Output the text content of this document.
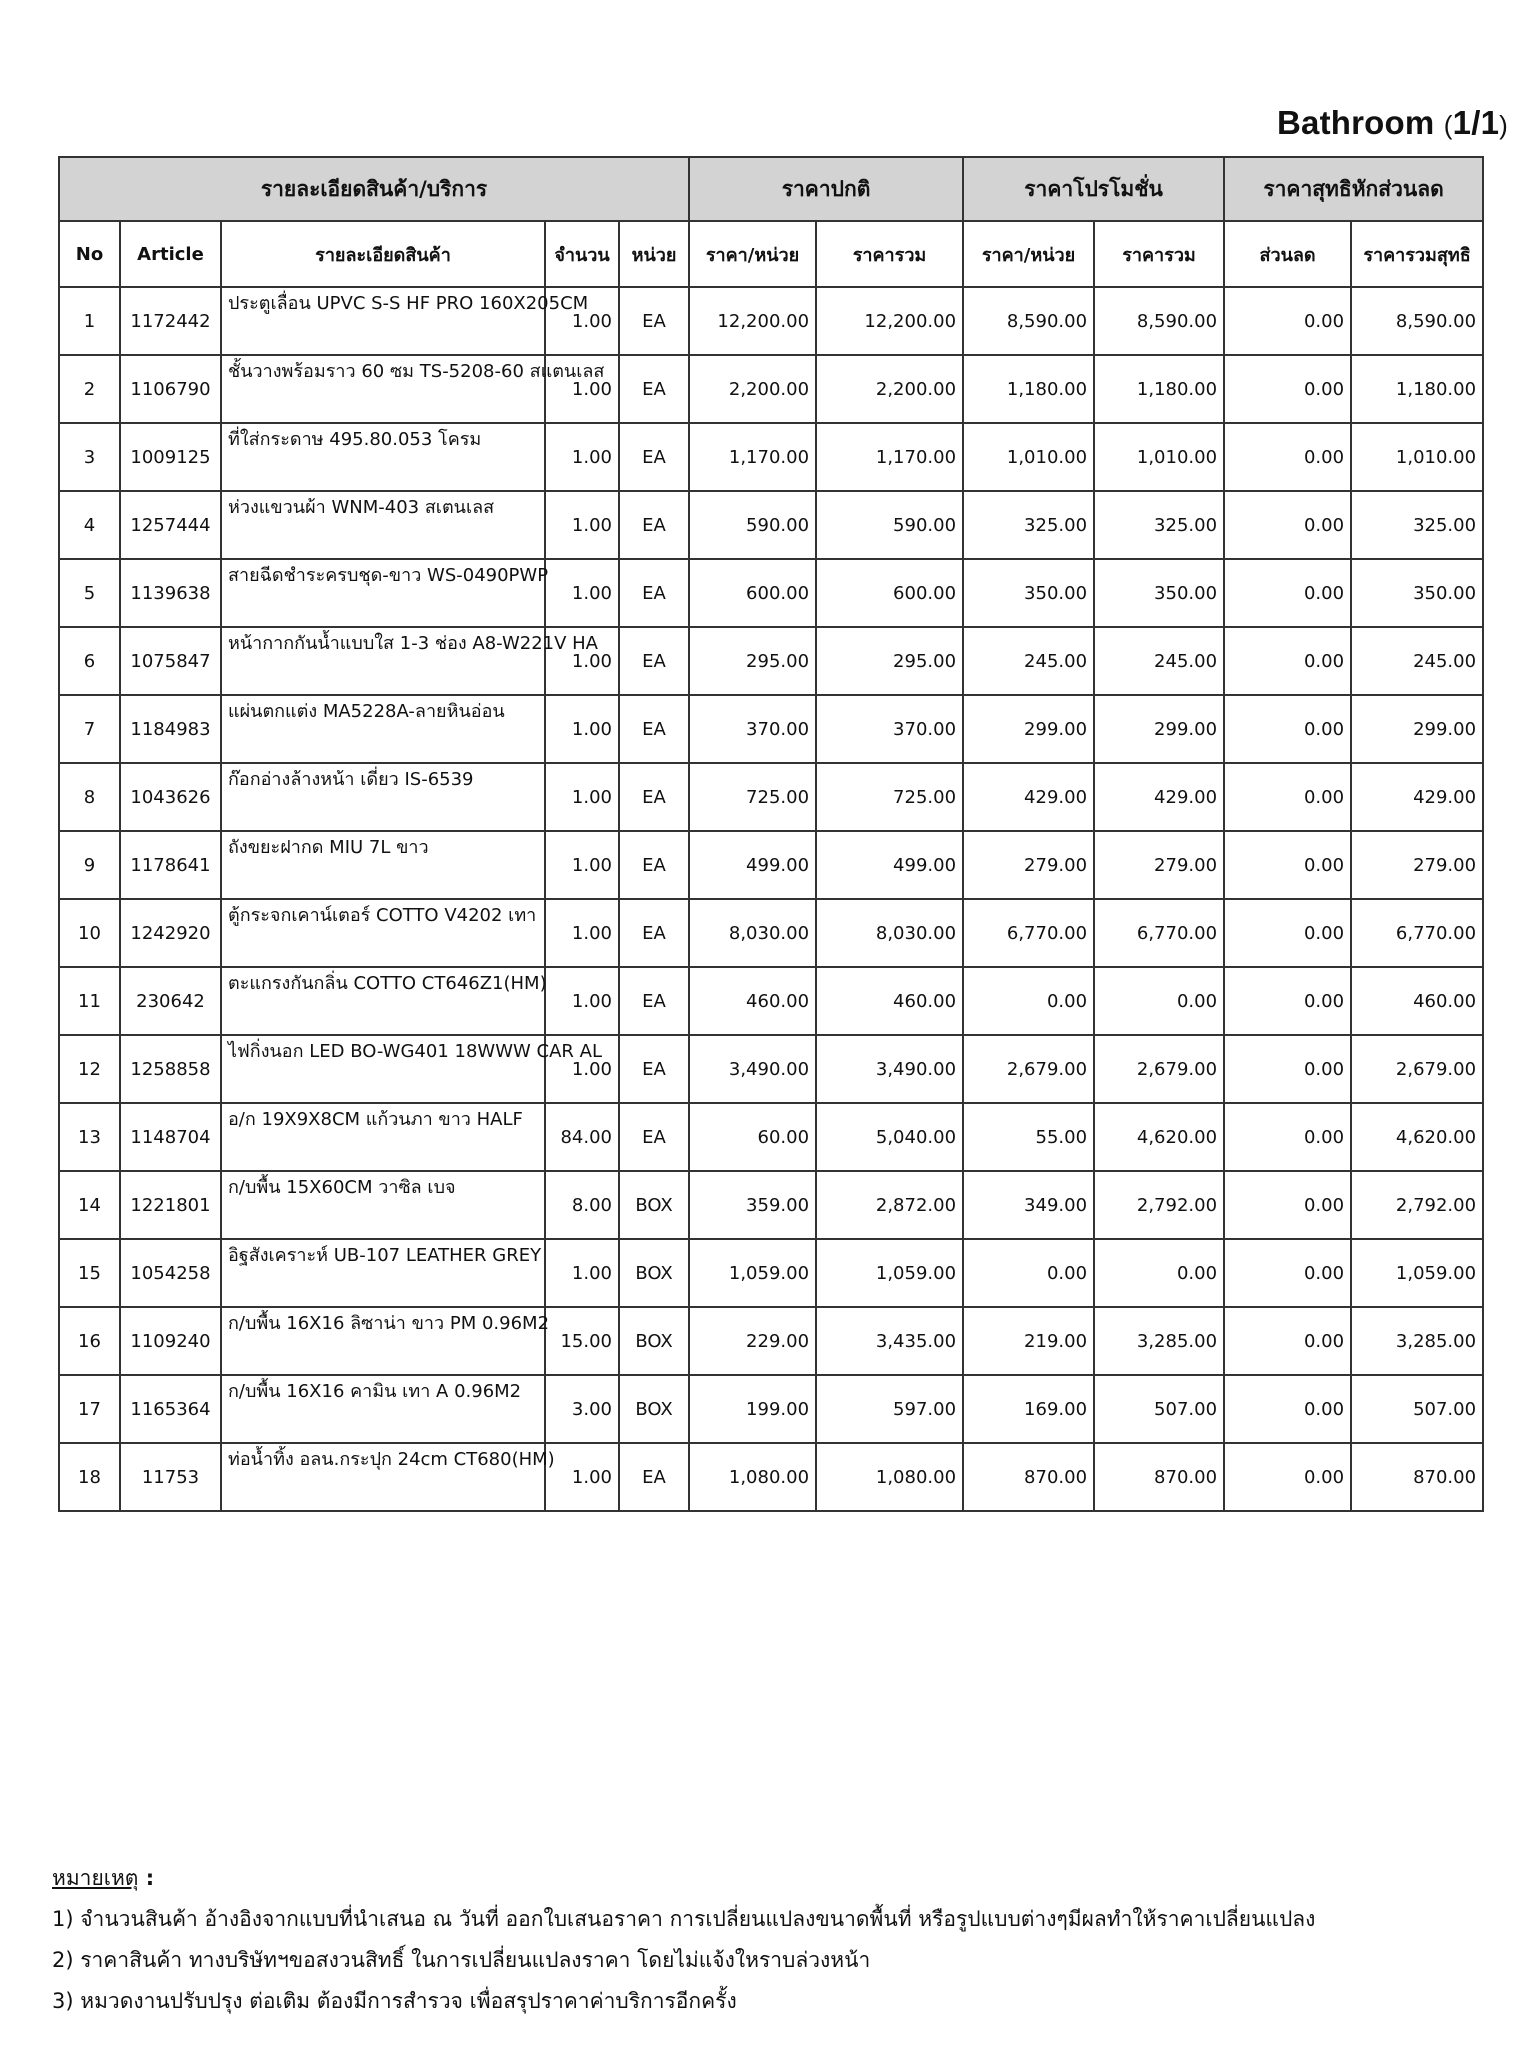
Bathroom (1/1)
รายละเอียดสินค้า/บริการ					ราคาปกติ		ราคาโปรโมชั่น		ราคาสุทธิหักส่วนลด	
No	Article	รายละเอียดสินค้า	จำนวน	หน่วย	ราคา/หน่วย	ราคารวม	ราคา/หน่วย	ราคารวม	ส่วนลด	ราคารวมสุทธิ
1	1172442	ประตูเลื่อน UPVC S-S HF PRO 160X205CM	1.00	EA	12,200.00	12,200.00	8,590.00	8,590.00	0.00	8,590.00
2	1106790	ชั้นวางพร้อมราว 60 ซม TS-5208-60 สแตนเลส	1.00	EA	2,200.00	2,200.00	1,180.00	1,180.00	0.00	1,180.00
3	1009125	ที่ใส่กระดาษ 495.80.053 โครม	1.00	EA	1,170.00	1,170.00	1,010.00	1,010.00	0.00	1,010.00
4	1257444	ห่วงแขวนผ้า WNM-403 สเตนเลส	1.00	EA	590.00	590.00	325.00	325.00	0.00	325.00
5	1139638	สายฉีดชำระครบชุด-ขาว WS-0490PWP	1.00	EA	600.00	600.00	350.00	350.00	0.00	350.00
6	1075847	หน้ากากกันน้ำแบบใส 1-3 ช่อง A8-W221V HA	1.00	EA	295.00	295.00	245.00	245.00	0.00	245.00
7	1184983	แผ่นตกแต่ง MA5228A-ลายหินอ่อน	1.00	EA	370.00	370.00	299.00	299.00	0.00	299.00
8	1043626	ก๊อกอ่างล้างหน้า เดี่ยว IS-6539	1.00	EA	725.00	725.00	429.00	429.00	0.00	429.00
9	1178641	ถังขยะฝากด MIU 7L ขาว	1.00	EA	499.00	499.00	279.00	279.00	0.00	279.00
10	1242920	ตู้กระจกเคาน์เตอร์ COTTO V4202 เทา	1.00	EA	8,030.00	8,030.00	6,770.00	6,770.00	0.00	6,770.00
11	230642	ตะแกรงกันกลิ่น COTTO CT646Z1(HM)	1.00	EA	460.00	460.00	0.00	0.00	0.00	460.00
12	1258858	ไฟกิ่งนอก LED BO-WG401 18WWW CAR AL	1.00	EA	3,490.00	3,490.00	2,679.00	2,679.00	0.00	2,679.00
13	1148704	อ/ก 19X9X8CM แก้วนภา ขาว HALF	84.00	EA	60.00	5,040.00	55.00	4,620.00	0.00	4,620.00
14	1221801	ก/บพื้น 15X60CM วาซิล เบจ	8.00	BOX	359.00	2,872.00	349.00	2,792.00	0.00	2,792.00
15	1054258	อิฐสังเคราะห์ UB-107 LEATHER GREY	1.00	BOX	1,059.00	1,059.00	0.00	0.00	0.00	1,059.00
16	1109240	ก/บพื้น 16X16 ลิซาน่า ขาว PM 0.96M2	15.00	BOX	229.00	3,435.00	219.00	3,285.00	0.00	3,285.00
17	1165364	ก/บพื้น 16X16 คามิน เทา A 0.96M2	3.00	BOX	199.00	597.00	169.00	507.00	0.00	507.00
18	11753	ท่อน้ำทิ้ง อลน.กระปุก 24cm CT680(HM)	1.00	EA	1,080.00	1,080.00	870.00	870.00	0.00	870.00
หมายเหตุ :
1) จำนวนสินค้า อ้างอิงจากแบบที่นำเสนอ ณ วันที่ ออกใบเสนอราคา การเปลี่ยนแปลงขนาดพื้นที่ หรือรูปแบบต่างๆมีผลทำให้ราคาเปลี่ยนแปลง
2) ราคาสินค้า ทางบริษัทฯขอสงวนสิทธิ์ ในการเปลี่ยนแปลงราคา โดยไม่แจ้งใหราบล่วงหน้า
3) หมวดงานปรับปรุง ต่อเติม ต้องมีการสำรวจ เพื่อสรุปราคาค่าบริการอีกครั้ง
